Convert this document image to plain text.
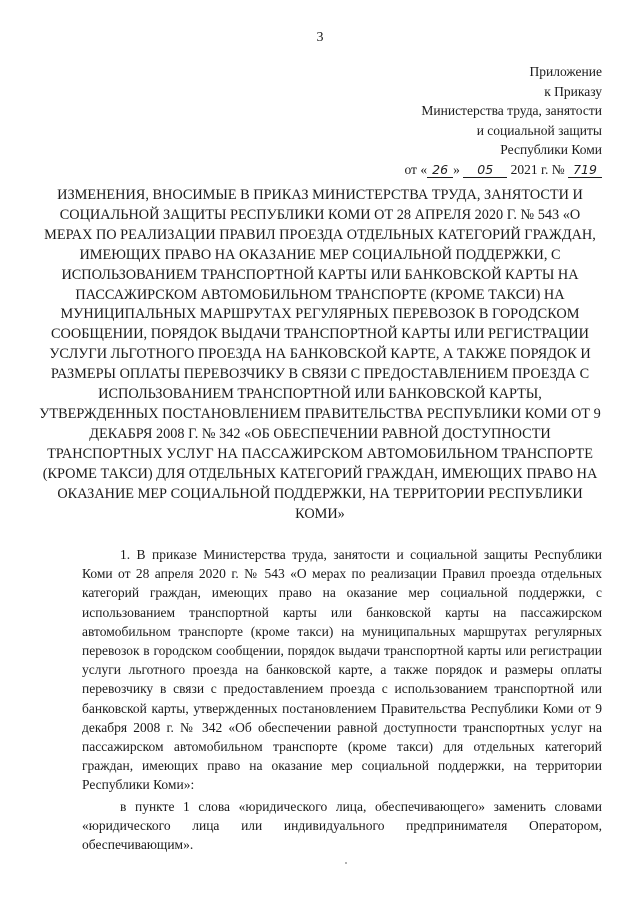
3
Приложение
к Приказу
Министерства труда, занятости
и социальной защиты
Республики Коми
от « 26 » 05 2021 г. № 719
ИЗМЕНЕНИЯ, ВНОСИМЫЕ В ПРИКАЗ МИНИСТЕРСТВА ТРУДА, ЗАНЯТОСТИ И СОЦИАЛЬНОЙ ЗАЩИТЫ РЕСПУБЛИКИ КОМИ ОТ 28 АПРЕЛЯ 2020 Г. № 543 «О МЕРАХ ПО РЕАЛИЗАЦИИ ПРАВИЛ ПРОЕЗДА ОТДЕЛЬНЫХ КАТЕГОРИЙ ГРАЖДАН, ИМЕЮЩИХ ПРАВО НА ОКАЗАНИЕ МЕР СОЦИАЛЬНОЙ ПОДДЕРЖКИ, С ИСПОЛЬЗОВАНИЕМ ТРАНСПОРТНОЙ КАРТЫ ИЛИ БАНКОВСКОЙ КАРТЫ НА ПАССАЖИРСКОМ АВТОМОБИЛЬНОМ ТРАНСПОРТЕ (КРОМЕ ТАКСИ) НА МУНИЦИПАЛЬНЫХ МАРШРУТАХ РЕГУЛЯРНЫХ ПЕРЕВОЗОК В ГОРОДСКОМ СООБЩЕНИИ, ПОРЯДОК ВЫДАЧИ ТРАНСПОРТНОЙ КАРТЫ ИЛИ РЕГИСТРАЦИИ УСЛУГИ ЛЬГОТНОГО ПРОЕЗДА НА БАНКОВСКОЙ КАРТЕ, А ТАКЖЕ ПОРЯДОК И РАЗМЕРЫ ОПЛАТЫ ПЕРЕВОЗЧИКУ В СВЯЗИ С ПРЕДОСТАВЛЕНИЕМ ПРОЕЗДА С ИСПОЛЬЗОВАНИЕМ ТРАНСПОРТНОЙ ИЛИ БАНКОВСКОЙ КАРТЫ, УТВЕРЖДЕННЫХ ПОСТАНОВЛЕНИЕМ ПРАВИТЕЛЬСТВА РЕСПУБЛИКИ КОМИ ОТ 9 ДЕКАБРЯ 2008 Г. № 342 «ОБ ОБЕСПЕЧЕНИИ РАВНОЙ ДОСТУПНОСТИ ТРАНСПОРТНЫХ УСЛУГ НА ПАССАЖИРСКОМ АВТОМОБИЛЬНОМ ТРАНСПОРТЕ (КРОМЕ ТАКСИ) ДЛЯ ОТДЕЛЬНЫХ КАТЕГОРИЙ ГРАЖДАН, ИМЕЮЩИХ ПРАВО НА ОКАЗАНИЕ МЕР СОЦИАЛЬНОЙ ПОДДЕРЖКИ, НА ТЕРРИТОРИИ РЕСПУБЛИКИ КОМИ»

1. В приказе Министерства труда, занятости и социальной защиты Республики Коми от 28 апреля 2020 г. № 543 «О мерах по реализации Правил проезда отдельных категорий граждан, имеющих право на оказание мер социальной поддержки, с использованием транспортной карты или банковской карты на пассажирском автомобильном транспорте (кроме такси) на муниципальных маршрутах регулярных перевозок в городском сообщении, порядок выдачи транспортной карты или регистрации услуги льготного проезда на банковской карте, а также порядок и размеры оплаты перевозчику в связи с предоставлением проезда с использованием транспортной или банковской карты, утвержденных постановлением Правительства Республики Коми от 9 декабря 2008 г. № 342 «Об обеспечении равной доступности транспортных услуг на пассажирском автомобильном транспорте (кроме такси) для отдельных категорий граждан, имеющих право на оказание мер социальной поддержки, на территории Республики Коми»:

в пункте 1 слова «юридического лица, обеспечивающего» заменить словами «юридического лица или индивидуального предпринимателя Оператором, обеспечивающим».
